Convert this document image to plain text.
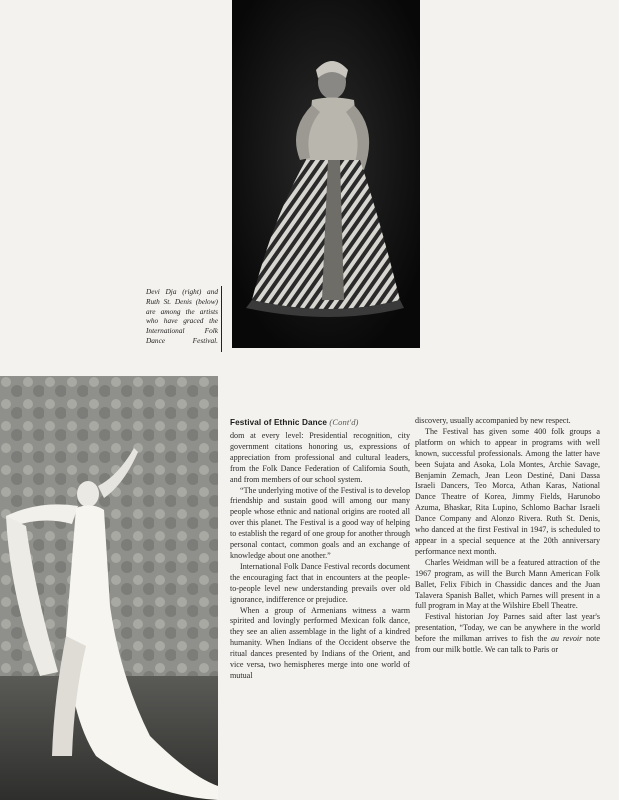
Devi Dja (right) and Ruth St. Denis (below) are among the artists who have graced the International Folk Dance Festival.
Festival of Ethnic Dance (Cont'd)

dom at every level: Presidential recognition, city government citations honoring us, expressions of appreciation from professional and cultural leaders, from the Folk Dance Federation of California South, and from members of our school system.

“The underlying motive of the Festival is to develop friendship and sustain good will among our many people whose ethnic and national origins are rooted all over this planet. The Festival is a good way of helping to establish the regard of one group for another through personal contact, common goals and an exchange of knowledge about one another.”

International Folk Dance Festival records document the encouraging fact that in encounters at the people-to-people level new understanding prevails over old ignorance, indifference or prejudice.

When a group of Armenians witness a warm spirited and lovingly performed Mexican folk dance, they see an alien assemblage in the light of a kindred humanity. When Indians of the Occident observe the ritual dances presented by Indians of the Orient, and vice versa, two hemispheres merge into one world of mutual

discovery, usually accompanied by new respect.

The Festival has given some 400 folk groups a platform on which to appear in programs with well known, successful professionals. Among the latter have been Sujata and Asoka, Lola Montes, Archie Savage, Benjamin Zemach, Jean Leon Destiné, Dani Dassa Israeli Dancers, Teo Morca, Athan Karas, National Dance Theatre of Korea, Jimmy Fields, Harunobo Azuma, Bhaskar, Rita Lupino, Schlomo Bachar Israeli Dance Company and Alonzo Rivera. Ruth St. Denis, who danced at the first Festival in 1947, is scheduled to appear in a special sequence at the 20th anniversary performance next month.

Charles Weidman will be a featured attraction of the 1967 program, as will the Burch Mann American Folk Ballet, Felix Fibich in Chassidic dances and the Juan Talavera Spanish Ballet, which Parnes will present in a full program in May at the Wilshire Ebell Theatre.

Festival historian Joy Parnes said after last year's presentation, “Today, we can be anywhere in the world before the milkman arrives to fish the au revoir note from our milk bottle. We can talk to Paris or
